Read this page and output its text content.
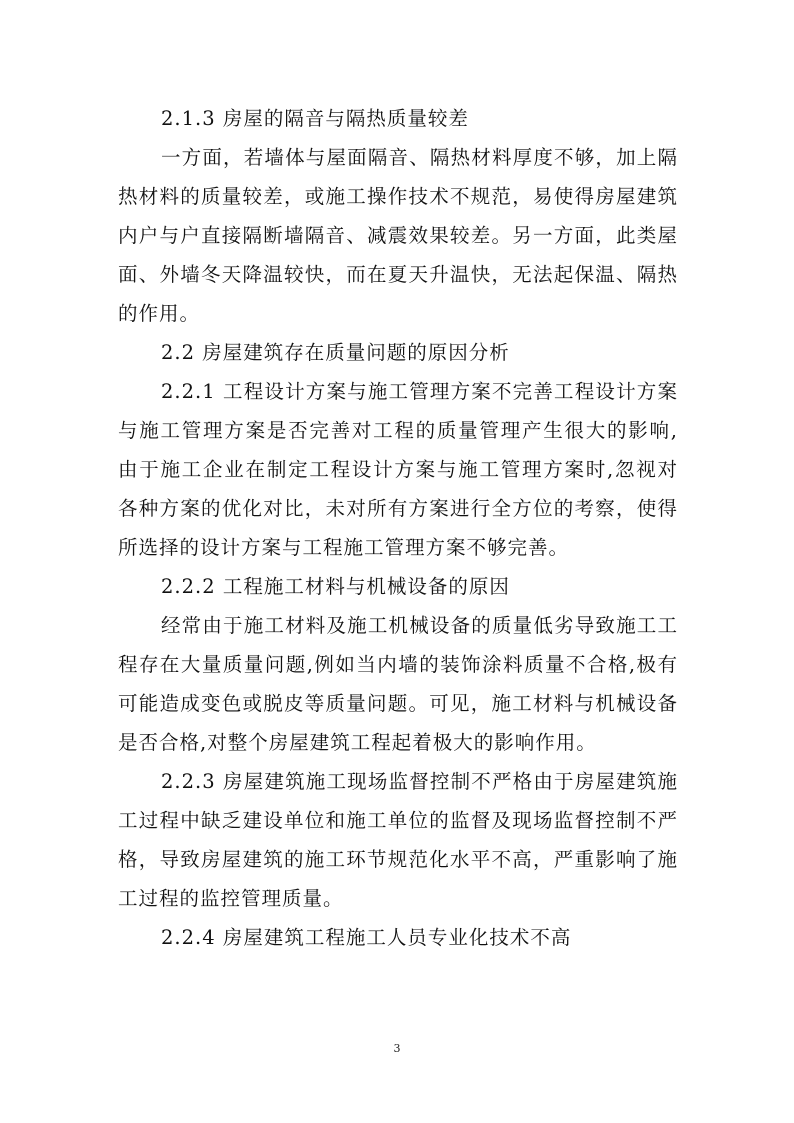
2.1.3 房屋的隔音与隔热质量较差

一方面，若墙体与屋面隔音、隔热材料厚度不够，加上隔热材料的质量较差，或施工操作技术不规范，易使得房屋建筑内户与户直接隔断墙隔音、减震效果较差。另一方面，此类屋面、外墙冬天降温较快，而在夏天升温快，无法起保温、隔热的作用。

2.2 房屋建筑存在质量问题的原因分析

2.2.1 工程设计方案与施工管理方案不完善工程设计方案与施工管理方案是否完善对工程的质量管理产生很大的影响,由于施工企业在制定工程设计方案与施工管理方案时,忽视对各种方案的优化对比，未对所有方案进行全方位的考察，使得所选择的设计方案与工程施工管理方案不够完善。

2.2.2 工程施工材料与机械设备的原因

经常由于施工材料及施工机械设备的质量低劣导致施工工程存在大量质量问题,例如当内墙的装饰涂料质量不合格,极有可能造成变色或脱皮等质量问题。可见，施工材料与机械设备是否合格,对整个房屋建筑工程起着极大的影响作用。

2.2.3 房屋建筑施工现场监督控制不严格由于房屋建筑施工过程中缺乏建设单位和施工单位的监督及现场监督控制不严格，导致房屋建筑的施工环节规范化水平不高，严重影响了施工过程的监控管理质量。

2.2.4 房屋建筑工程施工人员专业化技术不高

3
